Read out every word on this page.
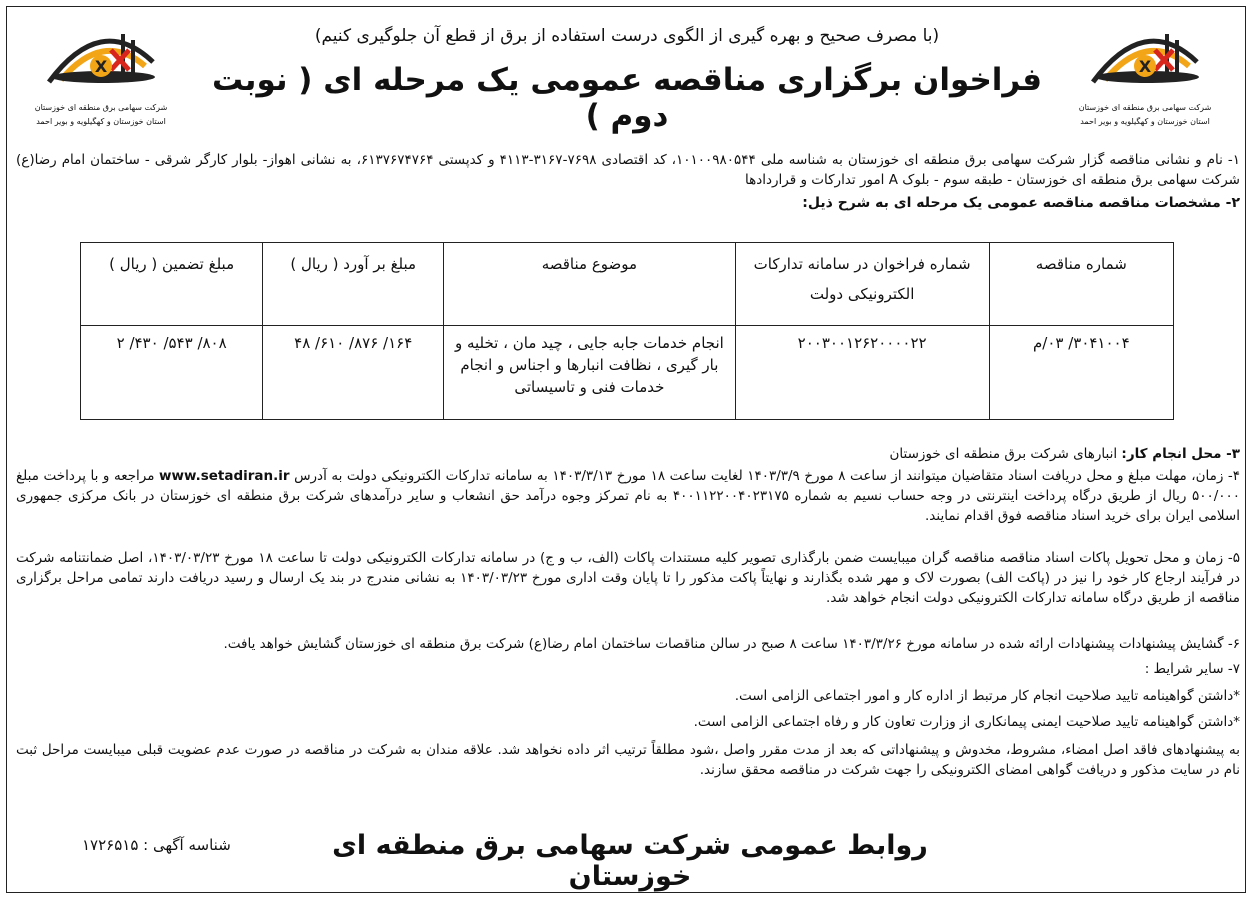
X
شرکت سهامی برق منطقه ای خوزستان
استان خوزستان و کهگیلویه و بویر احمد
X
شرکت سهامی برق منطقه ای خوزستان
استان خوزستان و کهگیلویه و بویر احمد
(با مصرف صحیح و بهره گیری از الگوی درست استفاده از برق از قطع آن جلوگیری کنیم)
فراخوان برگزاری مناقصه عمومی یک مرحله ای ( نوبت دوم )
۱- نام و نشانی مناقصه گزار شرکت سهامی برق منطقه ای خوزستان به شناسه ملی ۱۰۱۰۰۹۸۰۵۴۴، کد اقتصادی ۷۶۹۸-۳۱۶۷-۴۱۱۳ و کدپستی ۶۱۳۷۶۷۴۷۶۴، به نشانی اهواز- بلوار کارگر شرقی - ساختمان امام رضا(ع) شرکت سهامی برق منطقه ای خوزستان - طبقه سوم - بلوک A امور تدارکات و قراردادها
۲- مشخصات مناقصه مناقصه عمومی یک مرحله ای به شرح ذیل:
شماره مناقصه	شماره فراخوان در سامانه تدارکات الکترونیکی دولت	موضوع مناقصه	مبلغ بر آورد ( ریال )	مبلغ تضمین ( ریال )
۳۰۴۱۰۰۴/ ۰۳/م	۲۰۰۳۰۰۱۲۶۲۰۰۰۰۲۲	انجام خدمات جابه جایی ، چید مان ، تخلیه و بار گیری ، نظافت انبارها و اجناس و انجام خدمات فنی و تاسیساتی	۱۶۴/ ۸۷۶/ ۶۱۰/ ۴۸	۸۰۸/ ۵۴۳/ ۴۳۰/ ۲
۳- محل انجام کار: انبارهای شرکت برق منطقه ای خوزستان
۴- زمان، مهلت مبلغ و محل دریافت اسناد متقاضیان میتوانند از ساعت ۸ مورخ ۱۴۰۳/۳/۹ لغایت ساعت ۱۸ مورخ ۱۴۰۳/۳/۱۳ به سامانه تدارکات الکترونیکی دولت به آدرس www.setadiran.ir مراجعه و با پرداخت مبلغ ۵۰۰/۰۰۰ ریال از طریق درگاه پرداخت اینترنتی در وجه حساب نسیم به شماره ۴۰۰۱۱۲۲۰۰۴۰۲۳۱۷۵ به نام تمرکز وجوه درآمد حق انشعاب و سایر درآمدهای شرکت برق منطقه ای خوزستان در بانک مرکزی جمهوری اسلامی ایران برای خرید اسناد مناقصه فوق اقدام نمایند.
۵- زمان و محل تحویل پاکات اسناد مناقصه مناقصه گران میبایست ضمن بارگذاری تصویر کلیه مستندات پاکات (الف، ب و ج) در سامانه تدارکات الکترونیکی دولت تا ساعت ۱۸ مورخ ۱۴۰۳/۰۳/۲۳، اصل ضمانتنامه شرکت در فرآیند ارجاع کار خود را نیز در (پاکت الف) بصورت لاک و مهر شده بگذارند و نهایتاً پاکت مذکور را تا پایان وقت اداری مورخ ۱۴۰۳/۰۳/۲۳ به نشانی مندرج در بند یک ارسال و رسید دریافت دارند تمامی مراحل برگزاری مناقصه از طریق درگاه سامانه تدارکات الکترونیکی دولت انجام خواهد شد.
۶- گشایش پیشنهادات پیشنهادات ارائه شده در سامانه مورخ ۱۴۰۳/۳/۲۶ ساعت ۸ صبح در سالن مناقصات ساختمان امام رضا(ع) شرکت برق منطقه ای خوزستان گشایش خواهد یافت.
۷- سایر شرایط :
*داشتن گواهینامه تایید صلاحیت انجام کار مرتبط از اداره کار و امور اجتماعی الزامی است.
*داشتن گواهینامه تایید صلاحیت ایمنی پیمانکاری از وزارت تعاون کار و رفاه اجتماعی الزامی است.
به پیشنهادهای فاقد اصل امضاء، مشروط، مخدوش و پیشنهاداتی که بعد از مدت مقرر واصل ،شود مطلقاً ترتیب اثر داده نخواهد شد. علاقه مندان به شرکت در مناقصه در صورت عدم عضویت قبلی میبایست مراحل ثبت نام در سایت مذکور و دریافت گواهی امضای الکترونیکی را جهت شرکت در مناقصه محقق سازند.
روابط عمومی شرکت سهامی برق منطقه ای خوزستان
شناسه آگهی : ۱۷۲۶۵۱۵
